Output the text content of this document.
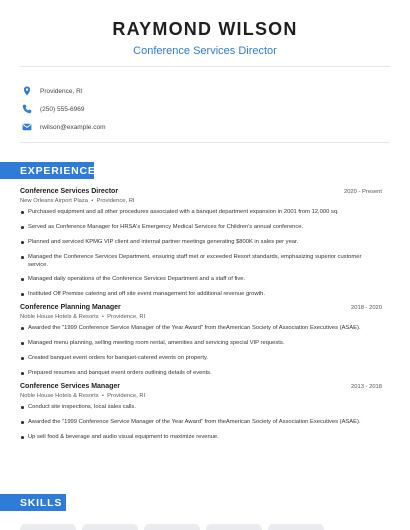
RAYMOND WILSON
Conference Services Director
Providence, RI
(250) 555-6969
rwilson@example.com
EXPERIENCE
Conference Services Director	2020 - Present
New Orleans Airport Plaza  •  Providence, RI
Purchased equipment and all other procedures associated with a banquet department expansion in 2001 from 12,000 sq.
Served as Conference Manager for HRSA's Emergency Medical Services for Children's annual conference.
Planned and serviced KPMG VIP client and internal partner meetings generating $800K in sales per year.
Managed the Conference Services Department, ensuring staff met or exceeded Resort standards, emphasizing superior customer service.
Managed daily operations of the Conference Services Department and a staff of five.
Instituted Off Premise catering and off site event management for additional revenue growth.
Conference Planning Manager	2018 - 2020
Noble House Hotels & Resorts  •  Providence, RI
Awarded the "1999 Conference Service Manager of the Year Award" from theAmerican Society of Association Executives (ASAE).
Managed menu planning, selling meeting room rental, amenities and servicing special VIP requests.
Created banquet event orders for banquet-catered events on property.
Prepared resumes and banquet event orders outlining details of events.
Conference Services Manager	2013 - 2018
Noble House Hotels & Resorts  •  Providence, RI
Conduct site inspections, local sales calls.
Awarded the "1999 Conference Service Manager of the Year Award" from theAmerican Society of Association Executives (ASAE).
Up sell food & beverage and audio visual equipment to maximize revenue.
SKILLS
